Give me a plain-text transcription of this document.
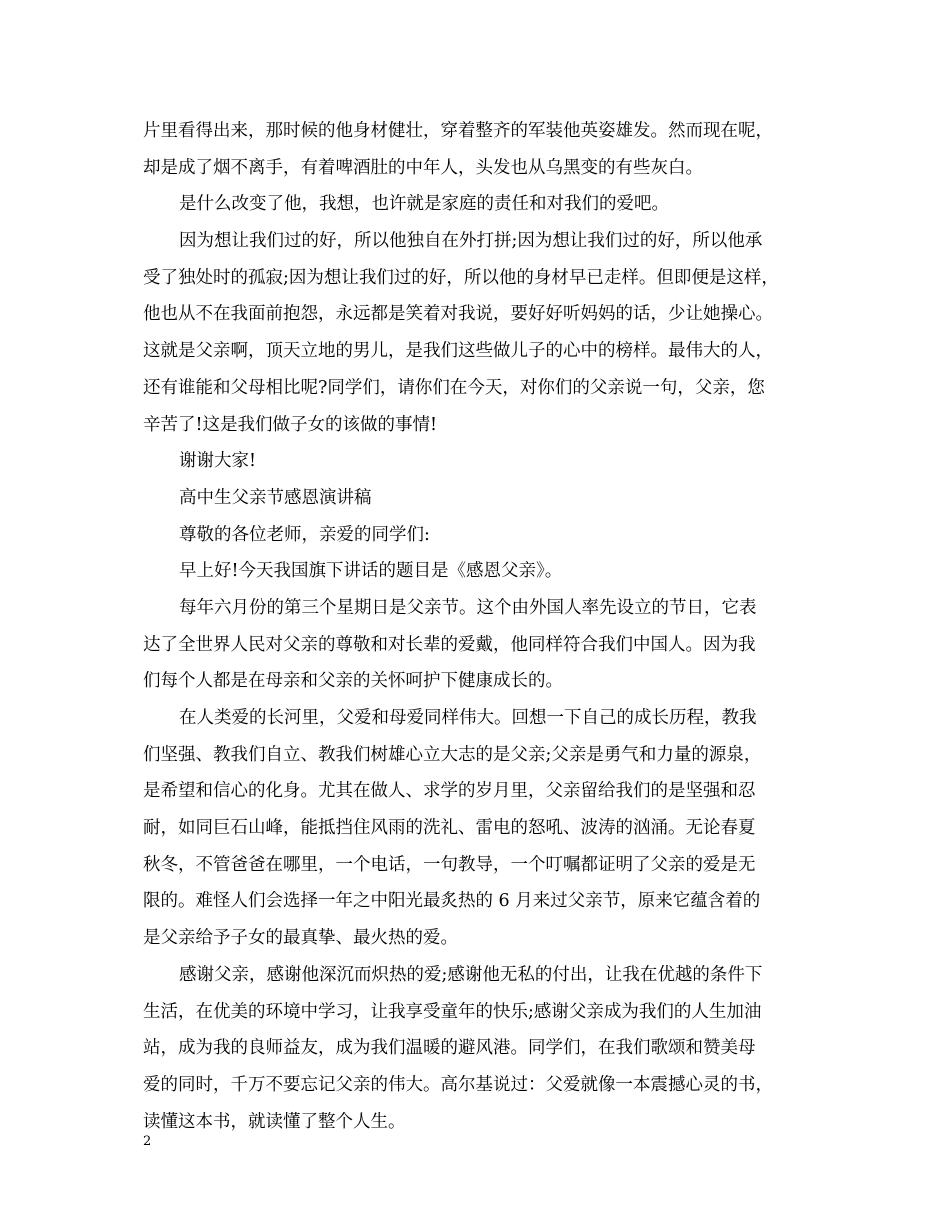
片里看得出来，那时候的他身材健壮，穿着整齐的军装他英姿雄发。然而现在呢，
却是成了烟不离手，有着啤酒肚的中年人，头发也从乌黑变的有些灰白。
是什么改变了他，我想，也许就是家庭的责任和对我们的爱吧。
因为想让我们过的好，所以他独自在外打拼;因为想让我们过的好，所以他承
受了独处时的孤寂;因为想让我们过的好，所以他的身材早已走样。但即便是这样，
他也从不在我面前抱怨，永远都是笑着对我说，要好好听妈妈的话，少让她操心。
这就是父亲啊，顶天立地的男儿，是我们这些做儿子的心中的榜样。最伟大的人，
还有谁能和父母相比呢?同学们，请你们在今天，对你们的父亲说一句，父亲，您
辛苦了!这是我们做子女的该做的事情!
谢谢大家!
高中生父亲节感恩演讲稿
尊敬的各位老师，亲爱的同学们:
早上好!今天我国旗下讲话的题目是《感恩父亲》。
每年六月份的第三个星期日是父亲节。这个由外国人率先设立的节日，它表
达了全世界人民对父亲的尊敬和对长辈的爱戴，他同样符合我们中国人。因为我
们每个人都是在母亲和父亲的关怀呵护下健康成长的。
在人类爱的长河里，父爱和母爱同样伟大。回想一下自己的成长历程，教我
们坚强、教我们自立、教我们树雄心立大志的是父亲;父亲是勇气和力量的源泉，
是希望和信心的化身。尤其在做人、求学的岁月里，父亲留给我们的是坚强和忍
耐，如同巨石山峰，能抵挡住风雨的洗礼、雷电的怒吼、波涛的汹涌。无论春夏
秋冬，不管爸爸在哪里，一个电话，一句教导，一个叮嘱都证明了父亲的爱是无
限的。难怪人们会选择一年之中阳光最炙热的 6 月来过父亲节，原来它蕴含着的
是父亲给予子女的最真挚、最火热的爱。
感谢父亲，感谢他深沉而炽热的爱;感谢他无私的付出，让我在优越的条件下
生活，在优美的环境中学习，让我享受童年的快乐;感谢父亲成为我们的人生加油
站，成为我的良师益友，成为我们温暖的避风港。同学们，在我们歌颂和赞美母
爱的同时，千万不要忘记父亲的伟大。高尔基说过：父爱就像一本震撼心灵的书，
读懂这本书，就读懂了整个人生。
2
